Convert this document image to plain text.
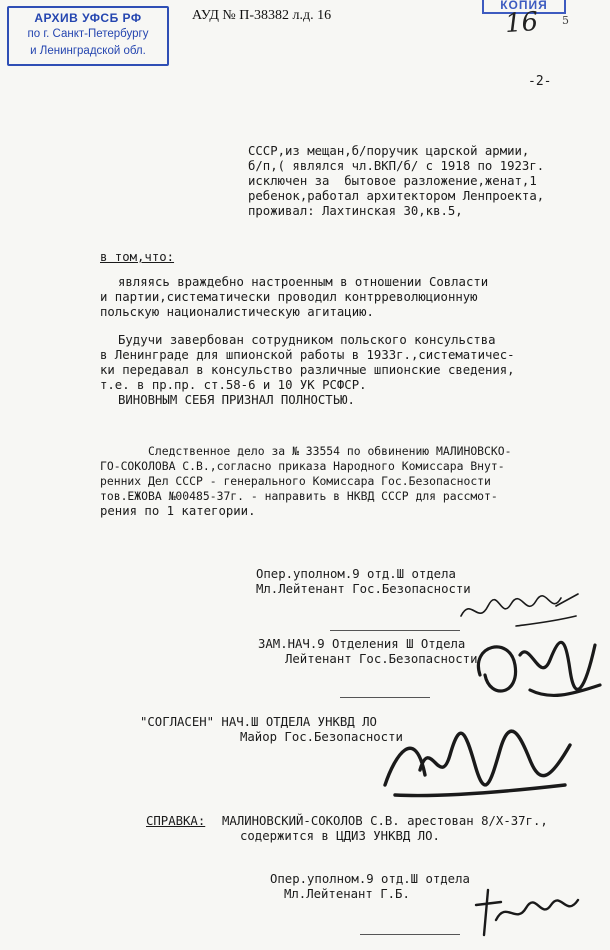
АРХИВ УФСБ РФ
по г. Санкт-Петербургу
и Ленинградской обл.
АУД № П-38382 л.д. 16
КОПИЯ
16 5
-2-
СССР,из мещан,б/поручик царской армии,
б/п,( являлся чл.ВКП/б/ с 1918 по 1923г.
исключен за  бытовое разложение,женат,1
ребенок,работал архитектором Ленпроекта,
проживал: Лахтинская 30,кв.5,
в том,что:
являясь враждебно настроенным в отношении Совласти
и партии,систематически проводил контрреволюционную
польскую националистическую агитацию.
Будучи завербован сотрудником польского консульства
в Ленинграде для шпионской работы в 1933г.,систематичес-
ки передавал в консульство различные шпионские сведения,
т.е. в пр.пр. ст.58-6 и 10 УК РСФСР.
ВИНОВНЫМ СЕБЯ ПРИЗНАЛ ПОЛНОСТЬЮ.
Следственное дело за № 33554 по обвинению МАЛИНОВСКО-
ГО-СОКОЛОВА С.В.,согласно приказа Народного Комиссара Внут-
ренних Дел СССР - генерального Комиссара Гос.Безопасности
тов.ЕЖОВА №00485-37г. - направить в НКВД СССР для рассмот-
рения по 1 категории.
Опер.уполном.9 отд.Ш отдела
Мл.Лейтенант Гос.Безопасности
ЗАМ.НАЧ.9 Отделения Ш Отдела
Лейтенант Гос.Безопасности
"СОГЛАСЕН" НАЧ.Ш ОТДЕЛА УНКВД ЛО
Майор Гос.Безопасности
СПРАВКА: МАЛИНОВСКИЙ-СОКОЛОВ С.В. арестован 8/Х-37г.,
содержится в ЦДИЗ УНКВД ЛО.
Опер.уполном.9 отд.Ш отдела
Мл.Лейтенант Г.Б.
